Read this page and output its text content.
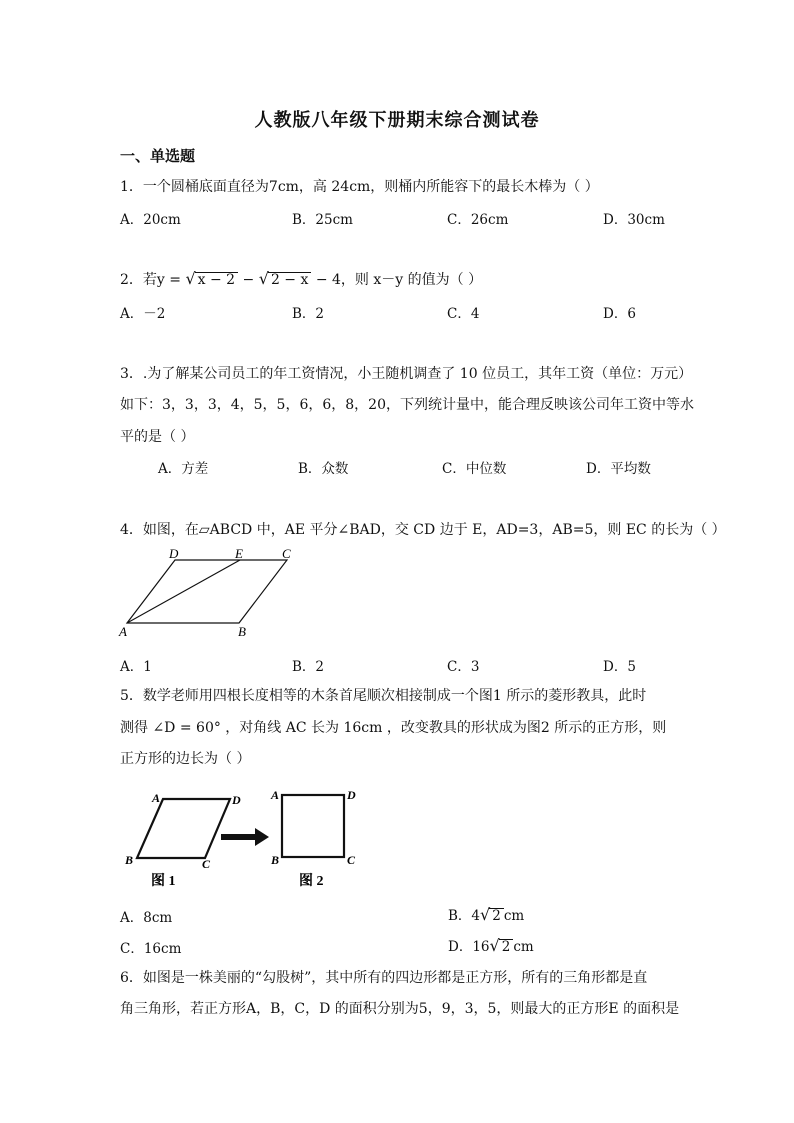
人教版八年级下册期末综合测试卷
一、单选题
1．一个圆桶底面直径为7cm，高 24cm，则桶内所能容下的最长木棒为（ ）
A．20cm	B．25cm	C．26cm	D．30cm
2．若y = √ x − 2 − √ 2 − x − 4，则 x－y 的值为（ ）
A．－2	B．2	C．4	D．6
3．.为了解某公司员工的年工资情况，小王随机调查了 10 位员工，其年工资（单位：万元）
如下：3，3，3，4，5，5，6，6，8，20，下列统计量中，能合理反映该公司年工资中等水
平的是（ ）
A．方差	B．众数	C．中位数	D．平均数
4．如图，在▱ABCD 中，AE 平分∠BAD，交 CD 边于 E，AD=3，AB=5，则 EC 的长为（ ）
D	E	C
A	B
A．1	B．2	C．3	D．5
5．数学老师用四根长度相等的木条首尾顺次相接制成一个图1 所示的菱形教具，此时
测得 ∠D = 60° ，对角线 AC 长为 16cm ，改变教具的形状成为图2 所示的正方形，则
正方形的边长为（ ）
A	D
B	C
A	D
B	C
图 1	图 2
A．8cm	B．4√ 2 cm
C．16cm	D．16√ 2 cm
6．如图是一株美丽的“勾股树”，其中所有的四边形都是正方形，所有的三角形都是直
角三角形，若正方形A，B，C，D 的面积分别为5，9，3，5，则最大的正方形E 的面积是
